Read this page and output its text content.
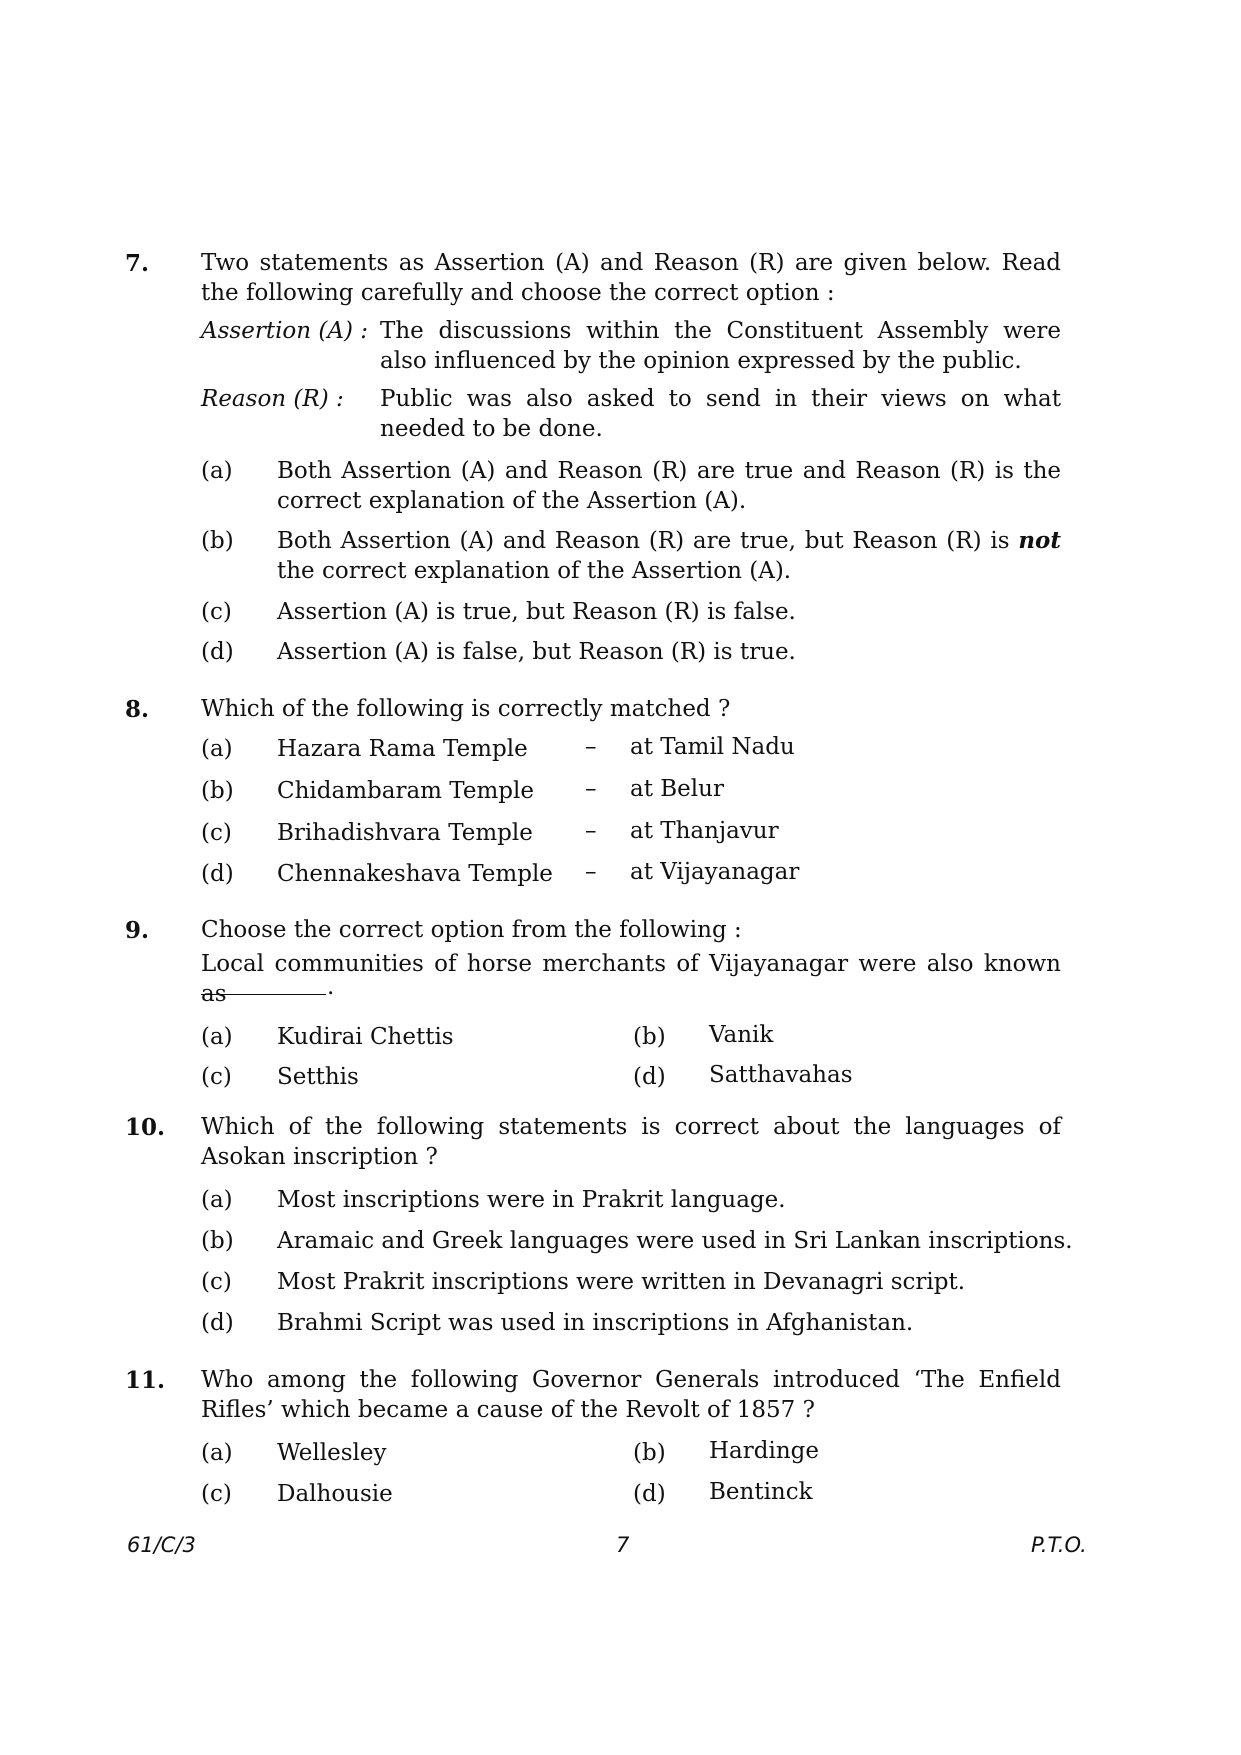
7. Two statements as Assertion (A) and Reason (R) are given below. Read the following carefully and choose the correct option :
Assertion (A) : The discussions within the Constituent Assembly were also influenced by the opinion expressed by the public.
Reason (R) : Public was also asked to send in their views on what needed to be done.
(a) Both Assertion (A) and Reason (R) are true and Reason (R) is the correct explanation of the Assertion (A).
(b) Both Assertion (A) and Reason (R) are true, but Reason (R) is not the correct explanation of the Assertion (A).
(c) Assertion (A) is true, but Reason (R) is false.
(d) Assertion (A) is false, but Reason (R) is true.
8. Which of the following is correctly matched ?
(a) Hazara Rama Temple	– at Tamil Nadu
(b) Chidambaram Temple	– at Belur
(c) Brihadishvara Temple	– at Thanjavur
(d) Chennakeshava Temple	– at Vijayanagar
9. Choose the correct option from the following :
Local communities of horse merchants of Vijayanagar were also known as	.
(a) Kudirai Chettis	(b) Vanik
(c) Setthis	(d) Satthavahas
10. Which of the following statements is correct about the languages of Asokan inscription ?
(a) Most inscriptions were in Prakrit language.
(b) Aramaic and Greek languages were used in Sri Lankan inscriptions.
(c) Most Prakrit inscriptions were written in Devanagri script.
(d) Brahmi Script was used in inscriptions in Afghanistan.
11. Who among the following Governor Generals introduced ‘The Enfield Rifles’ which became a cause of the Revolt of 1857 ?
(a) Wellesley	(b) Hardinge
(c) Dalhousie	(d) Bentinck
61/C/3	7	P.T.O.
